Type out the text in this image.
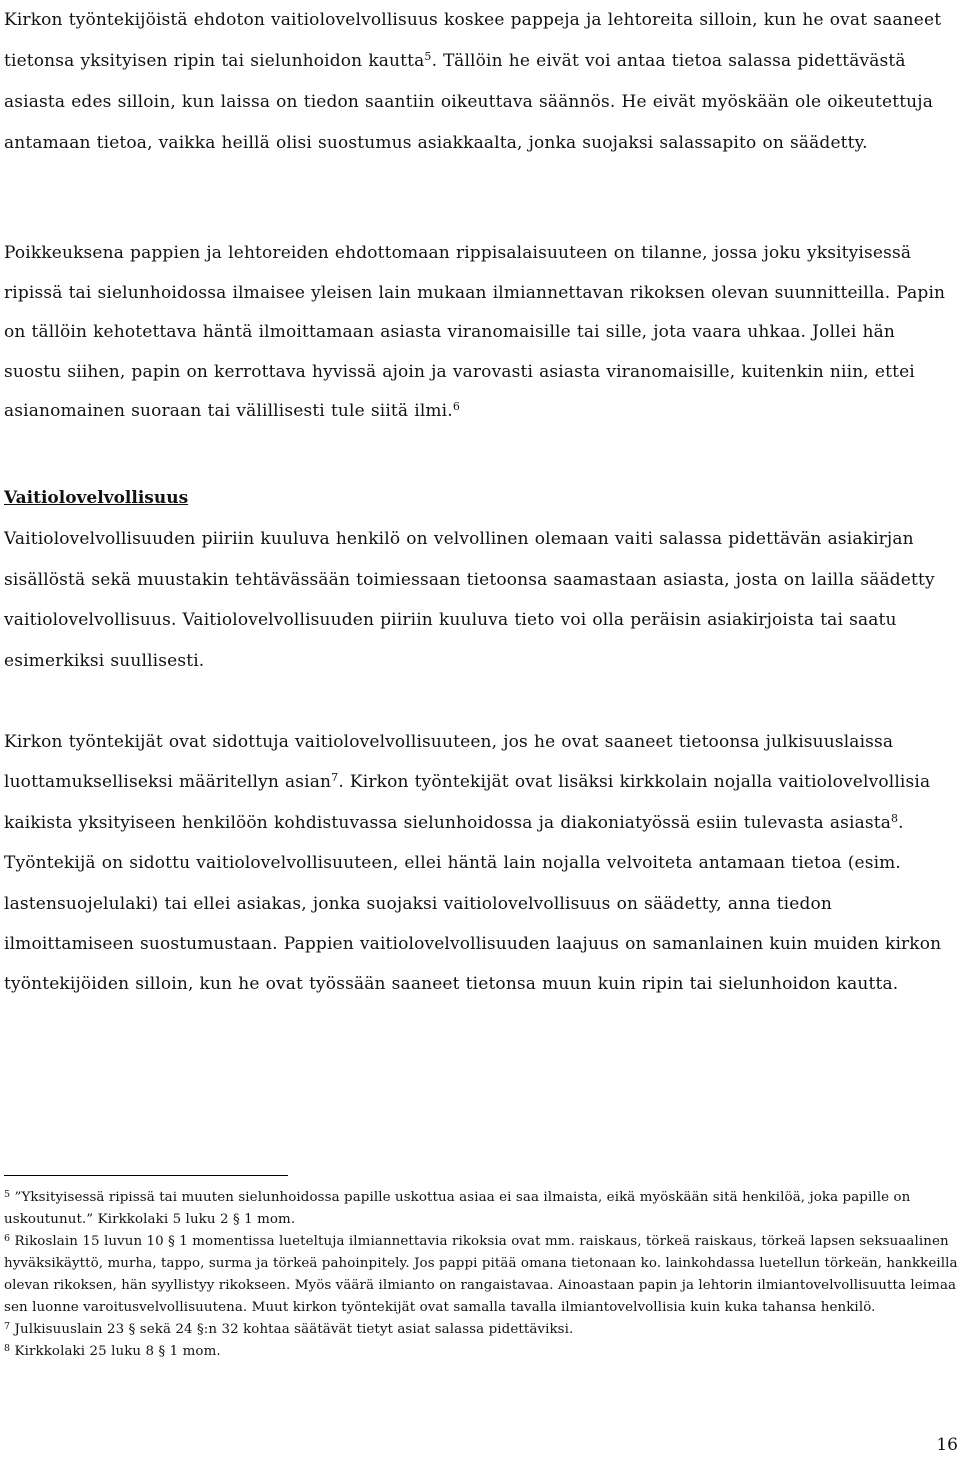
Kirkon työntekijöistä ehdoton vaitiolovelvollisuus koskee pappeja ja lehtoreita silloin, kun he ovat saaneet tietonsa yksityisen ripin tai sielunhoidon kautta$^5$. Tällöin he eivät voi antaa tietoa salassa pidettävästä asiasta edes silloin, kun laissa on tiedon saantiin oikeuttava säännös. He eivät myöskään ole oikeutettuja antamaan tietoa, vaikka heillä olisi suostumus asiakkaalta, jonka suojaksi salassapito on säädetty.

Poikkeuksena pappien ja lehtoreiden ehdottomaan rippisalaisuuteen on tilanne, jossa joku yksityisessä ripissä tai sielunhoidossa ilmaisee yleisen lain mukaan ilmiannettavan rikoksen olevan suunnitteilla. Papin on tällöin kehotettava häntä ilmoittamaan asiasta viranomaisille tai sille, jota vaara uhkaa. Jollei hän suostu siihen, papin on kerrottava hyvissä ajoin ja varovasti asiasta viranomaisille, kuitenkin niin, ettei asianomainen suoraan tai välillisesti tule siitä ilmi.$^6$

Vaitiolovelvollisuus

Vaitiolovelvollisuuden piiriin kuuluva henkilö on velvollinen olemaan vaiti salassa pidettävän asiakirjan sisällöstä sekä muustakin tehtävässään toimiessaan tietoonsa saamastaan asiasta, josta on lailla säädetty vaitiolovelvollisuus. Vaitiolovelvollisuuden piiriin kuuluva tieto voi olla peräisin asiakirjoista tai saatu esimerkiksi suullisesti.

Kirkon työntekijät ovat sidottuja vaitiolovelvollisuuteen, jos he ovat saaneet tietoonsa julkisuuslaissa luottamukselliseksi määritellyn asian$^7$. Kirkon työntekijät ovat lisäksi kirkkolain nojalla vaitiolovelvollisia kaikista yksityiseen henkilöön kohdistuvassa sielunhoidossa ja diakoniatyössä esiin tulevasta asiasta$^8$. Työntekijä on sidottu vaitiolovelvollisuuteen, ellei häntä lain nojalla velvoiteta antamaan tietoa (esim. lastensuojelulaki) tai ellei asiakas, jonka suojaksi vaitiolovelvollisuus on säädetty, anna tiedon ilmoittamiseen suostumustaan. Pappien vaitiolovelvollisuuden laajuus on samanlainen kuin muiden kirkon työntekijöiden silloin, kun he ovat työssään saaneet tietonsa muun kuin ripin tai sielunhoidon kautta.

$^5$ ”Yksityisessä ripissä tai muuten sielunhoidossa papille uskottua asiaa ei saa ilmaista, eikä myöskään sitä henkilöä, joka papille on uskoutunut.” Kirkkolaki 5 luku 2 § 1 mom.

$^6$ Rikoslain 15 luvun 10 § 1 momentissa lueteltuja ilmiannettavia rikoksia ovat mm. raiskaus, törkeä raiskaus, törkeä lapsen seksuaalinen hyväksikäyttö, murha, tappo, surma ja törkeä pahoinpitely. Jos pappi pitää omana tietonaan ko. lainkohdassa luetellun törkeän, hankkeilla olevan rikoksen, hän syyllistyy rikokseen. Myös väärä ilmianto on rangaistavaa. Ainoastaan papin ja lehtorin ilmiantovelvollisuutta leimaa sen luonne varoitusvelvollisuutena. Muut kirkon työntekijät ovat samalla tavalla ilmiantovelvollisia kuin kuka tahansa henkilö.

$^7$ Julkisuuslain 23 § sekä 24 §:n 32 kohtaa säätävät tietyt asiat salassa pidettäviksi.

$^8$ Kirkkolaki 25 luku 8 § 1 mom.

16
